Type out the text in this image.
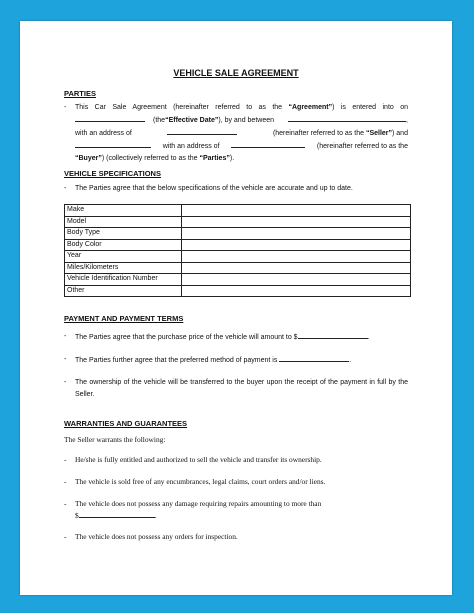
VEHICLE SALE AGREEMENT
PARTIES
- This Car Sale Agreement (hereinafter referred to as the “Agreement”) is entered into on
(the “Effective Date” ), by and between	,
with an address of	(hereinafter referred to as the “Seller”) and
with an address of	(hereinafter referred to as the
“Buyer”) (collectively referred to as the “Parties”).
VEHICLE SPECIFICATIONS
- The Parties agree that the below specifications of the vehicle are accurate and up to date.
Make	
Model	
Body Type	
Body Color	
Year	
Miles/Kilometers	
Vehicle Identification Number	
Other	
PAYMENT AND PAYMENT TERMS
- The Parties agree that the purchase price of the vehicle will amount to $	.
- The Parties further agree that the preferred method of payment is	.
- The ownership of the vehicle will be transferred to the buyer upon the receipt of the payment in full by the Seller.
WARRANTIES AND GUARANTEES
The Seller warrants the following:
- He/she is fully entitled and authorized to sell the vehicle and transfer its ownership.
- The vehicle is sold free of any encumbrances, legal claims, court orders and/or liens.
- The vehicle does not possess any damage requiring repairs amounting to more than
$	.
- The vehicle does not possess any orders for inspection.
